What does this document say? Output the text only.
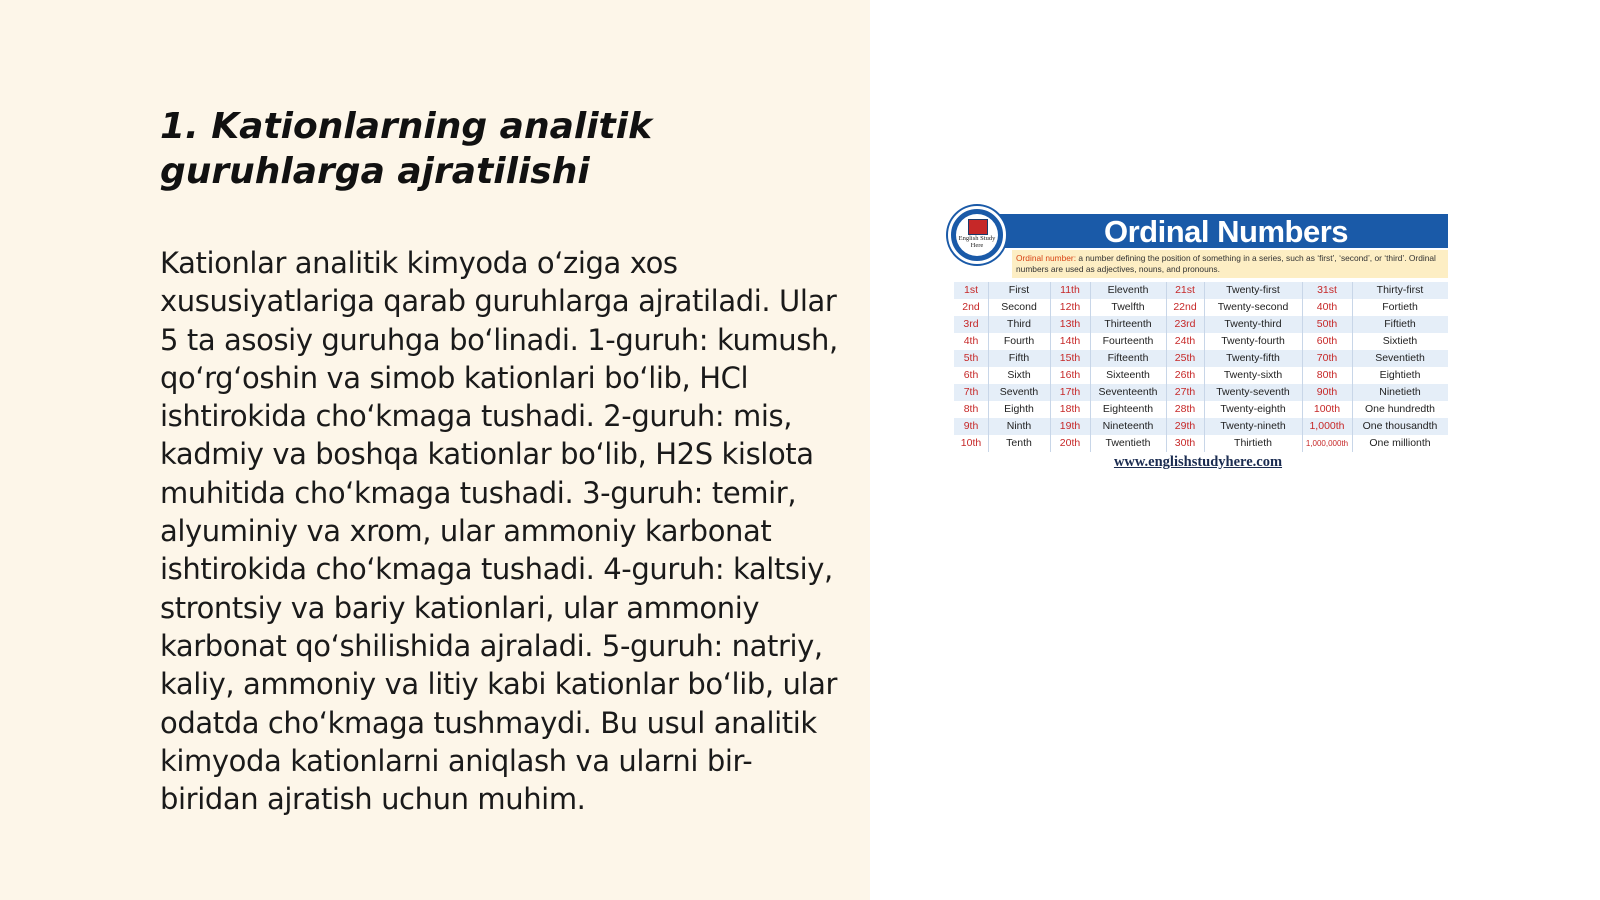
1. Kationlarning analitik guruhlarga ajratilishi

Kationlar analitik kimyoda o‘ziga xos xususiyatlariga qarab guruhlarga ajratiladi. Ular 5 ta asosiy guruhga bo‘linadi. 1-guruh: kumush, qo‘rg‘oshin va simob kationlari bo‘lib, HCl ishtirokida cho‘kmaga tushadi. 2-guruh: mis, kadmiy va boshqa kationlar bo‘lib, H2S kislota muhitida cho‘kmaga tushadi. 3-guruh: temir, alyuminiy va xrom, ular ammoniy karbonat ishtirokida cho‘kmaga tushadi. 4-guruh: kaltsiy, strontsiy va bariy kationlari, ular ammoniy karbonat qo‘shilishida ajraladi. 5-guruh: natriy, kaliy, ammoniy va litiy kabi kationlar bo‘lib, ular odatda cho‘kmaga tushmaydi. Bu usul analitik kimyoda kationlarni aniqlash va ularni bir-biridan ajratish uchun muhim.

Ordinal Numbers
English Study Here
Ordinal number: a number defining the position of something in a series, such as ‘first’, ‘second’, or ‘third’. Ordinal numbers are used as adjectives, nouns, and pronouns.
1st	First	11th	Eleventh	21st	Twenty-first	31st	Thirty-first
2nd	Second	12th	Twelfth	22nd	Twenty-second	40th	Fortieth
3rd	Third	13th	Thirteenth	23rd	Twenty-third	50th	Fiftieth
4th	Fourth	14th	Fourteenth	24th	Twenty-fourth	60th	Sixtieth
5th	Fifth	15th	Fifteenth	25th	Twenty-fifth	70th	Seventieth
6th	Sixth	16th	Sixteenth	26th	Twenty-sixth	80th	Eightieth
7th	Seventh	17th	Seventeenth	27th	Twenty-seventh	90th	Ninetieth
8th	Eighth	18th	Eighteenth	28th	Twenty-eighth	100th	One hundredth
9th	Ninth	19th	Nineteenth	29th	Twenty-nineth	1,000th	One thousandth
10th	Tenth	20th	Twentieth	30th	Thirtieth	1,000,000th	One millionth
www.englishstudyhere.com
